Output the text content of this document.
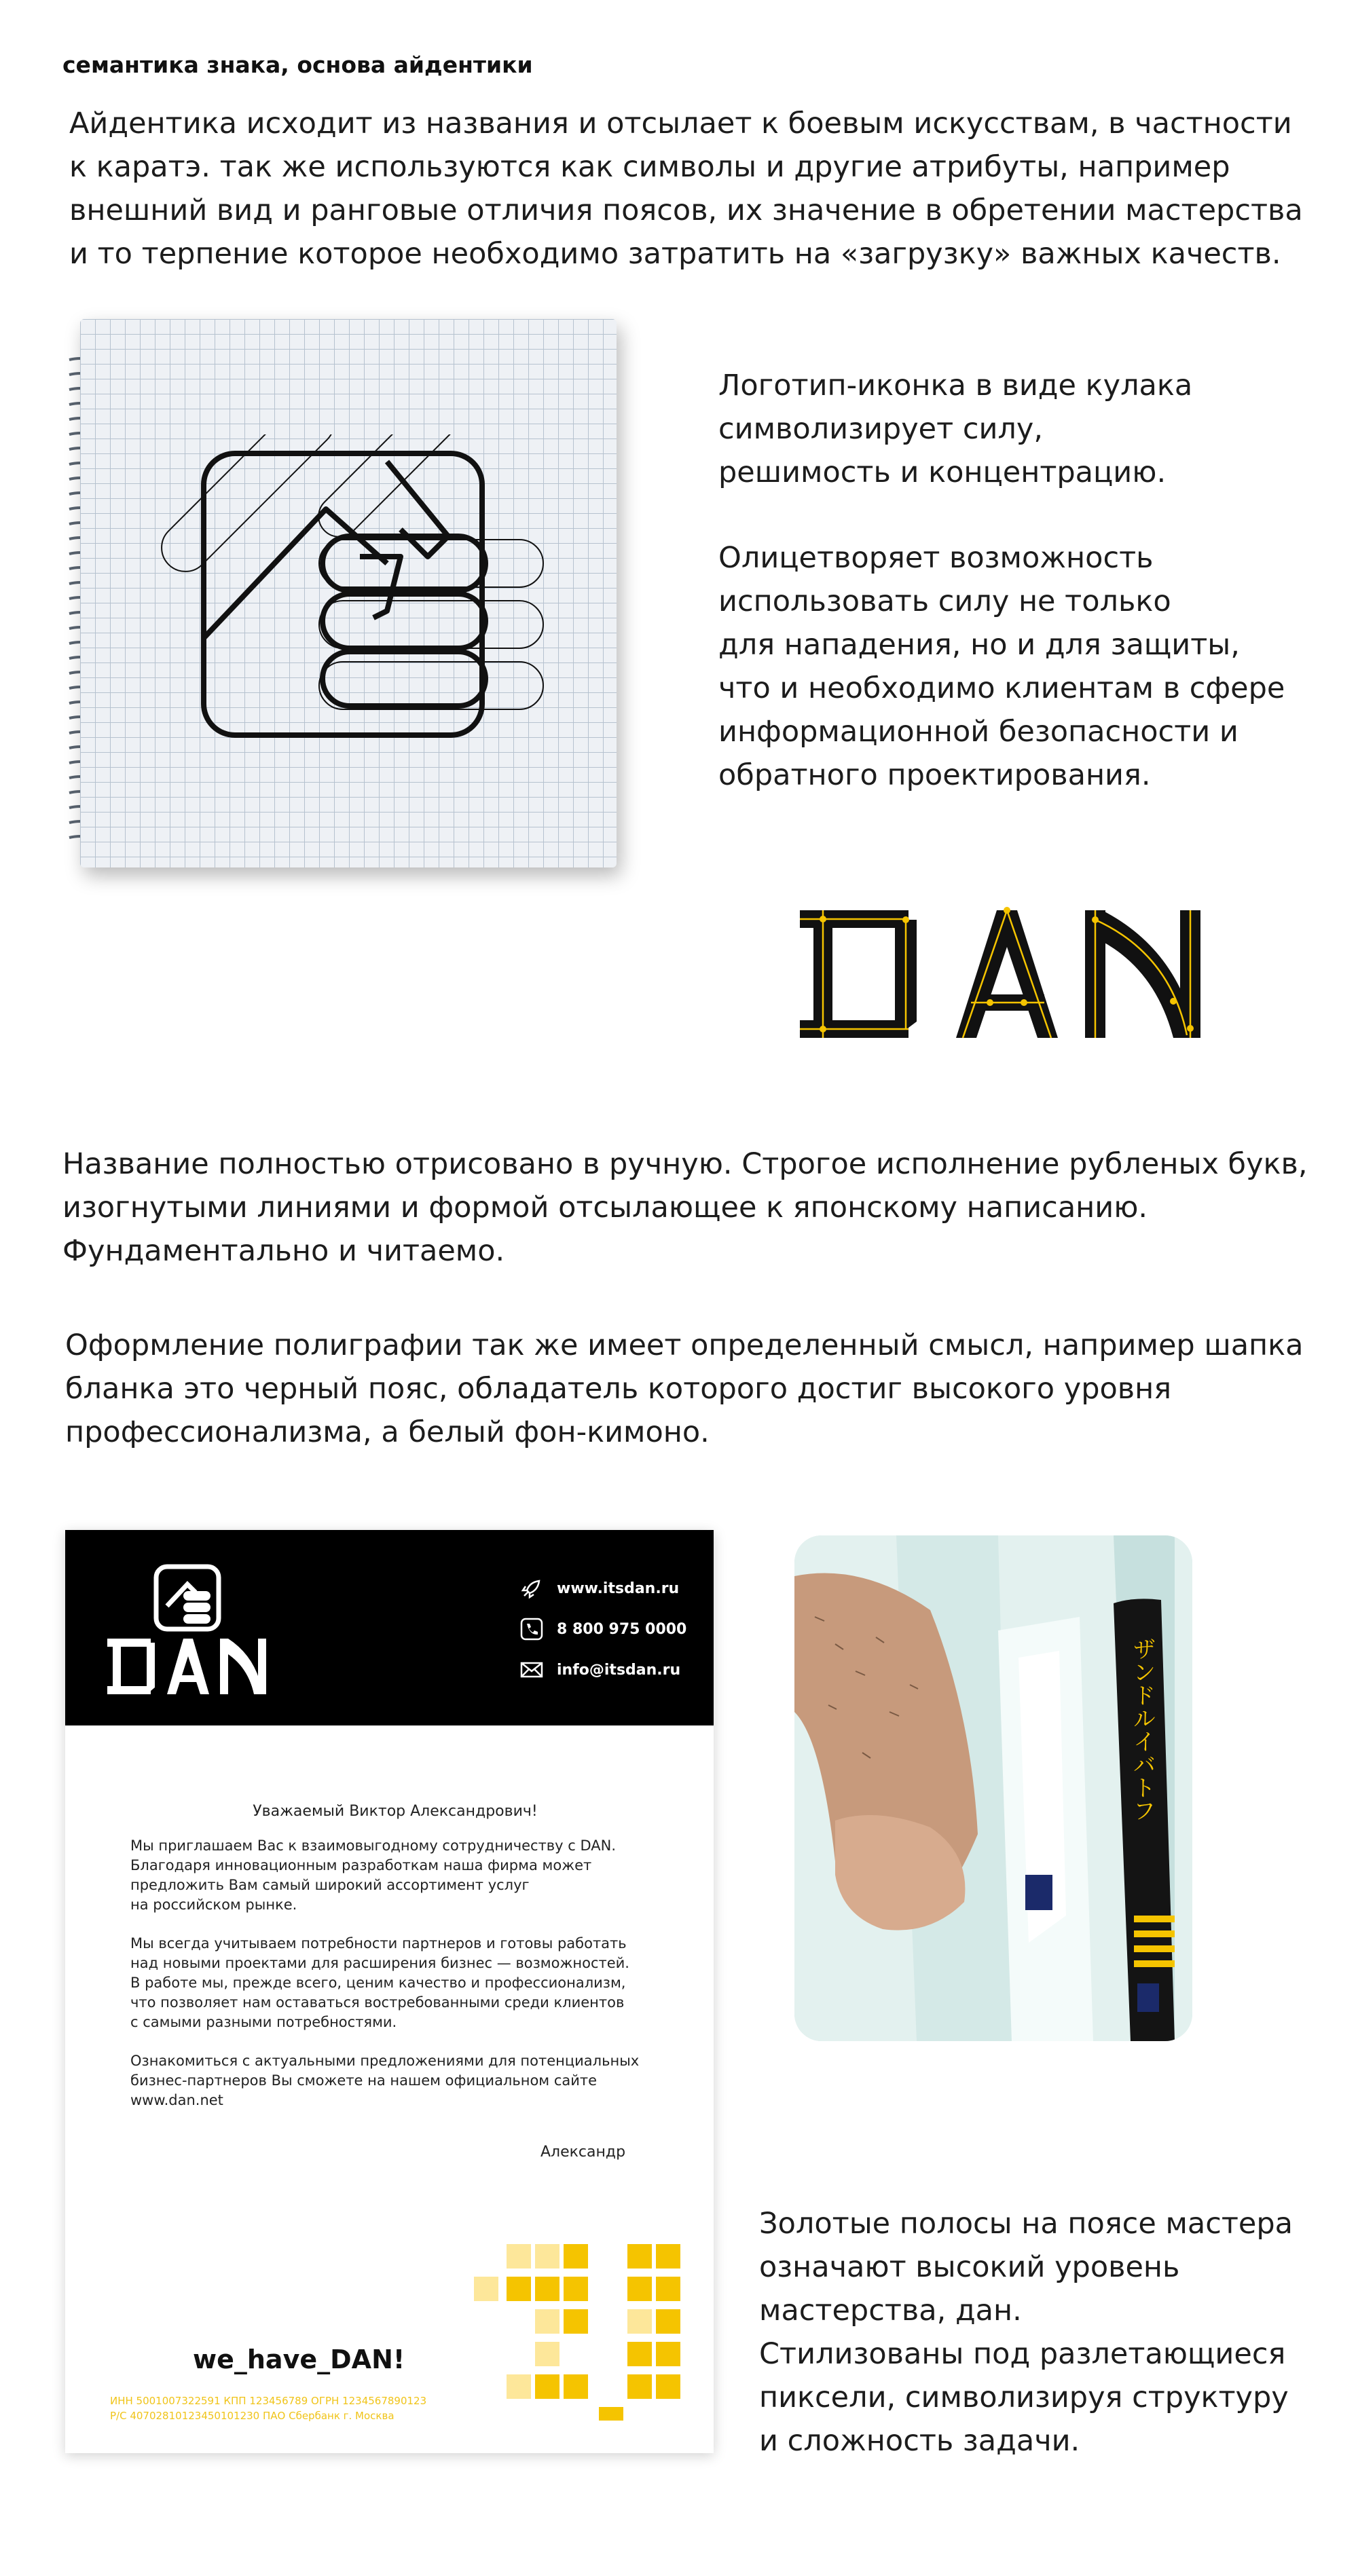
семантика знака, основа айдентики
Айдентика исходит из названия и отсылает к боевым искусствам, в частности
к каратэ. так же используются как символы и другие атрибуты, например
внешний вид и ранговые отличия поясов, их значение в обретении мастерства
и то терпение которое необходимо затратить на «загрузку» важных качеств.
Логотип-иконка в виде кулака
символизирует силу,
решимость и концентрацию.
Олицетворяет возможность
использовать силу не только
для нападения, но и для защиты,
что и необходимо клиентам в сфере
информационной безопасности и
обратного проектирования.
Название полностью отрисовано в ручную. Строгое исполнение рубленых букв,
изогнутыми линиями и формой отсылающее к японскому написанию.
Фундаментально и читаемо.
Оформление полиграфии так же имеет определенный смысл, например шапка
бланка это черный пояс, обладатель которого достиг высокого уровня
профессионализма, а белый фон-кимоно.
www.itsdan.ru
8 800 975 0000
info@itsdan.ru
Уважаемый Виктор Александрович!

Мы приглашаем Вас к взаимовыгодному сотрудничеству с DAN.
Благодаря инновационным разработкам наша фирма может
предложить Вам самый широкий ассортимент услуг
на российском рынке.

Мы всегда учитываем потребности партнеров и готовы работать
над новыми проектами для расширения бизнес — возможностей.
В работе мы, прежде всего, ценим качество и профессионализм,
что позволяет нам оставаться востребованными среди клиентов
с самыми разными потребностями.

Ознакомиться с актуальными предложениями для потенциальных
бизнес-партнеров Вы сможете на нашем официальном сайте
www.dan.net

Александр
we_have_DAN!
ИНН 5001007322591 КПП 123456789 ОГРН 1234567890123
Р/С 40702810123450101230 ПАО Сбербанк г. Москва
ザンドルイバトフ
Золотые полосы на поясе мастера
означают высокий уровень
мастерства, дан.
Стилизованы под разлетающиеся
пиксели, символизируя структуру
и сложность задачи.
